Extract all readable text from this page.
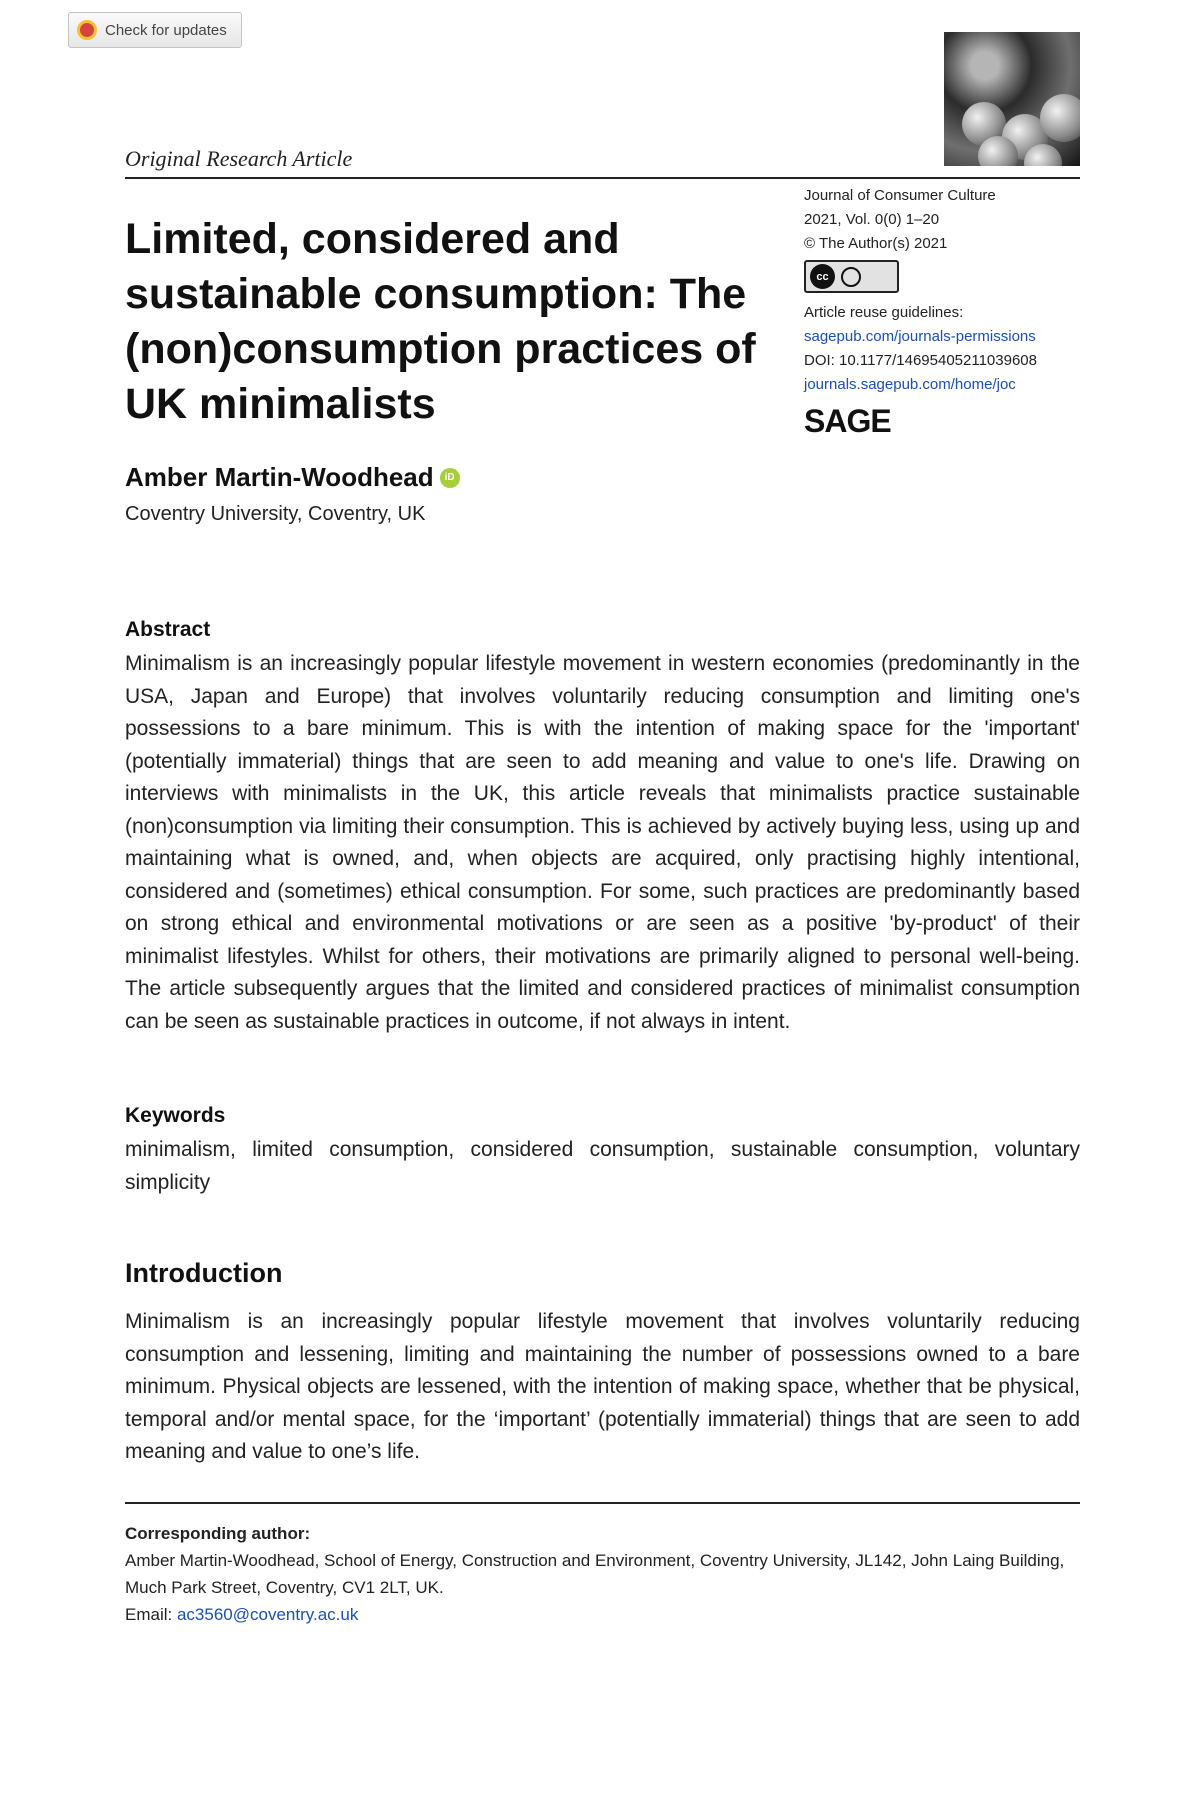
Check for updates
Original Research Article
Limited, considered and sustainable consumption: The (non)consumption practices of UK minimalists
Journal of Consumer Culture
2021, Vol. 0(0) 1–20
© The Author(s) 2021
cc
Article reuse guidelines:
sagepub.com/journals-permissions
DOI: 10.1177/14695405211039608
journals.sagepub.com/home/joc
SAGE
Amber Martin-Woodhead	iD
Coventry University, Coventry, UK
Abstract

Minimalism is an increasingly popular lifestyle movement in western economies (predominantly in the USA, Japan and Europe) that involves voluntarily reducing consumption and limiting one's possessions to a bare minimum. This is with the intention of making space for the 'important' (potentially immaterial) things that are seen to add meaning and value to one's life. Drawing on interviews with minimalists in the UK, this article reveals that minimalists practice sustainable (non)consumption via limiting their consumption. This is achieved by actively buying less, using up and maintaining what is owned, and, when objects are acquired, only practising highly intentional, considered and (sometimes) ethical consumption. For some, such practices are predominantly based on strong ethical and environmental motivations or are seen as a positive 'by-product' of their minimalist lifestyles. Whilst for others, their motivations are primarily aligned to personal well-being. The article subsequently argues that the limited and considered practices of minimalist consumption can be seen as sustainable practices in outcome, if not always in intent.

Keywords

minimalism, limited consumption, considered consumption, sustainable consumption, voluntary simplicity

Introduction

Minimalism is an increasingly popular lifestyle movement that involves voluntarily reducing consumption and lessening, limiting and maintaining the number of possessions owned to a bare minimum. Physical objects are lessened, with the intention of making space, whether that be physical, temporal and/or mental space, for the ‘important’ (potentially immaterial) things that are seen to add meaning and value to one’s life.

Corresponding author:
Amber Martin-Woodhead, School of Energy, Construction and Environment, Coventry University, JL142, John Laing Building, Much Park Street, Coventry, CV1 2LT, UK.
Email: ac3560@coventry.ac.uk
